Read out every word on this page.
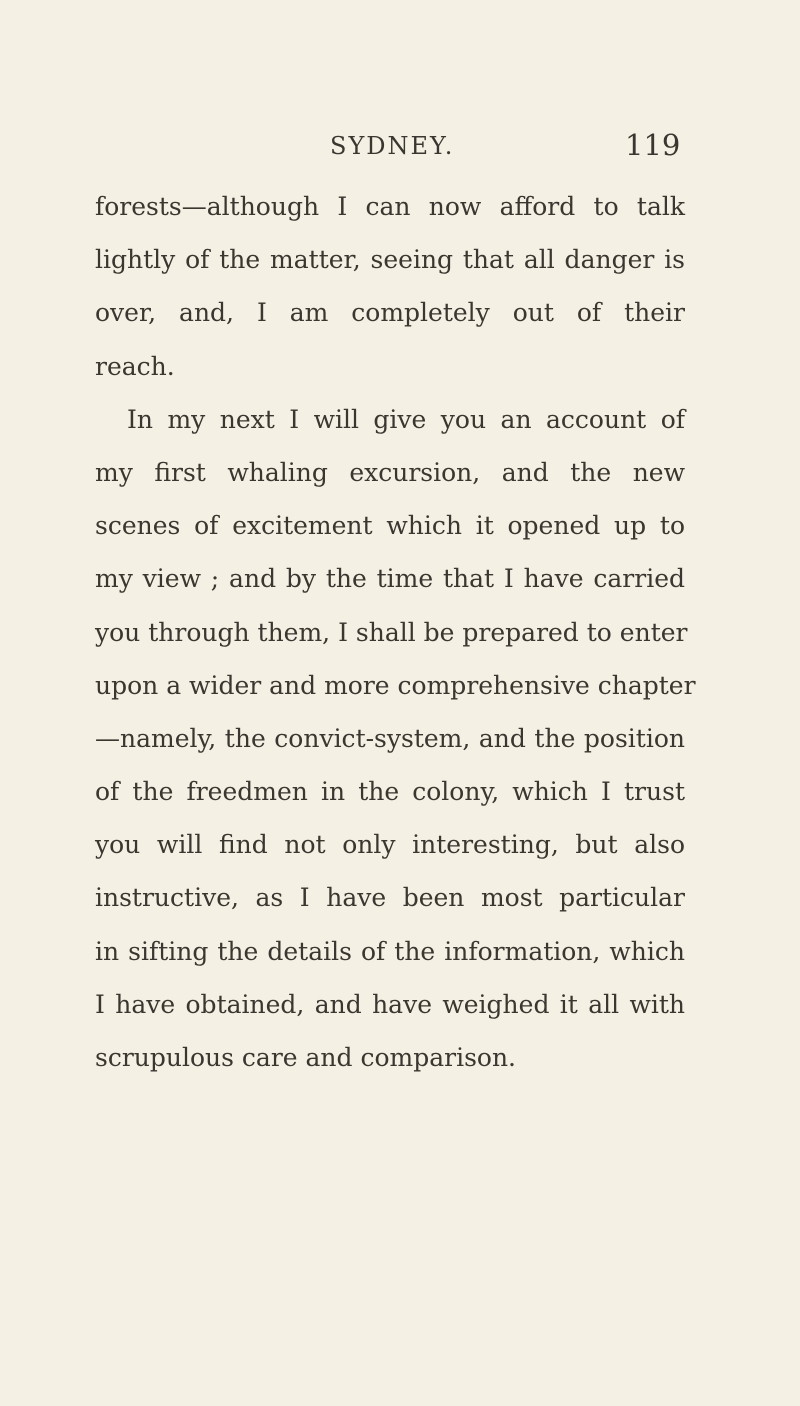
SYDNEY.	119
forests—although I can now afford to talk
lightly of the matter, seeing that all danger is
over, and, I am completely out of their
reach.
In my next I will give you an account of
my first whaling excursion, and the new
scenes of excitement which it opened up to
my view ; and by the time that I have carried
you through them, I shall be prepared to enter
upon a wider and more comprehensive chapter
—namely, the convict-system, and the position
of the freedmen in the colony, which I trust
you will find not only interesting, but also
instructive, as I have been most particular
in sifting the details of the information, which
I have obtained, and have weighed it all with
scrupulous care and comparison.
